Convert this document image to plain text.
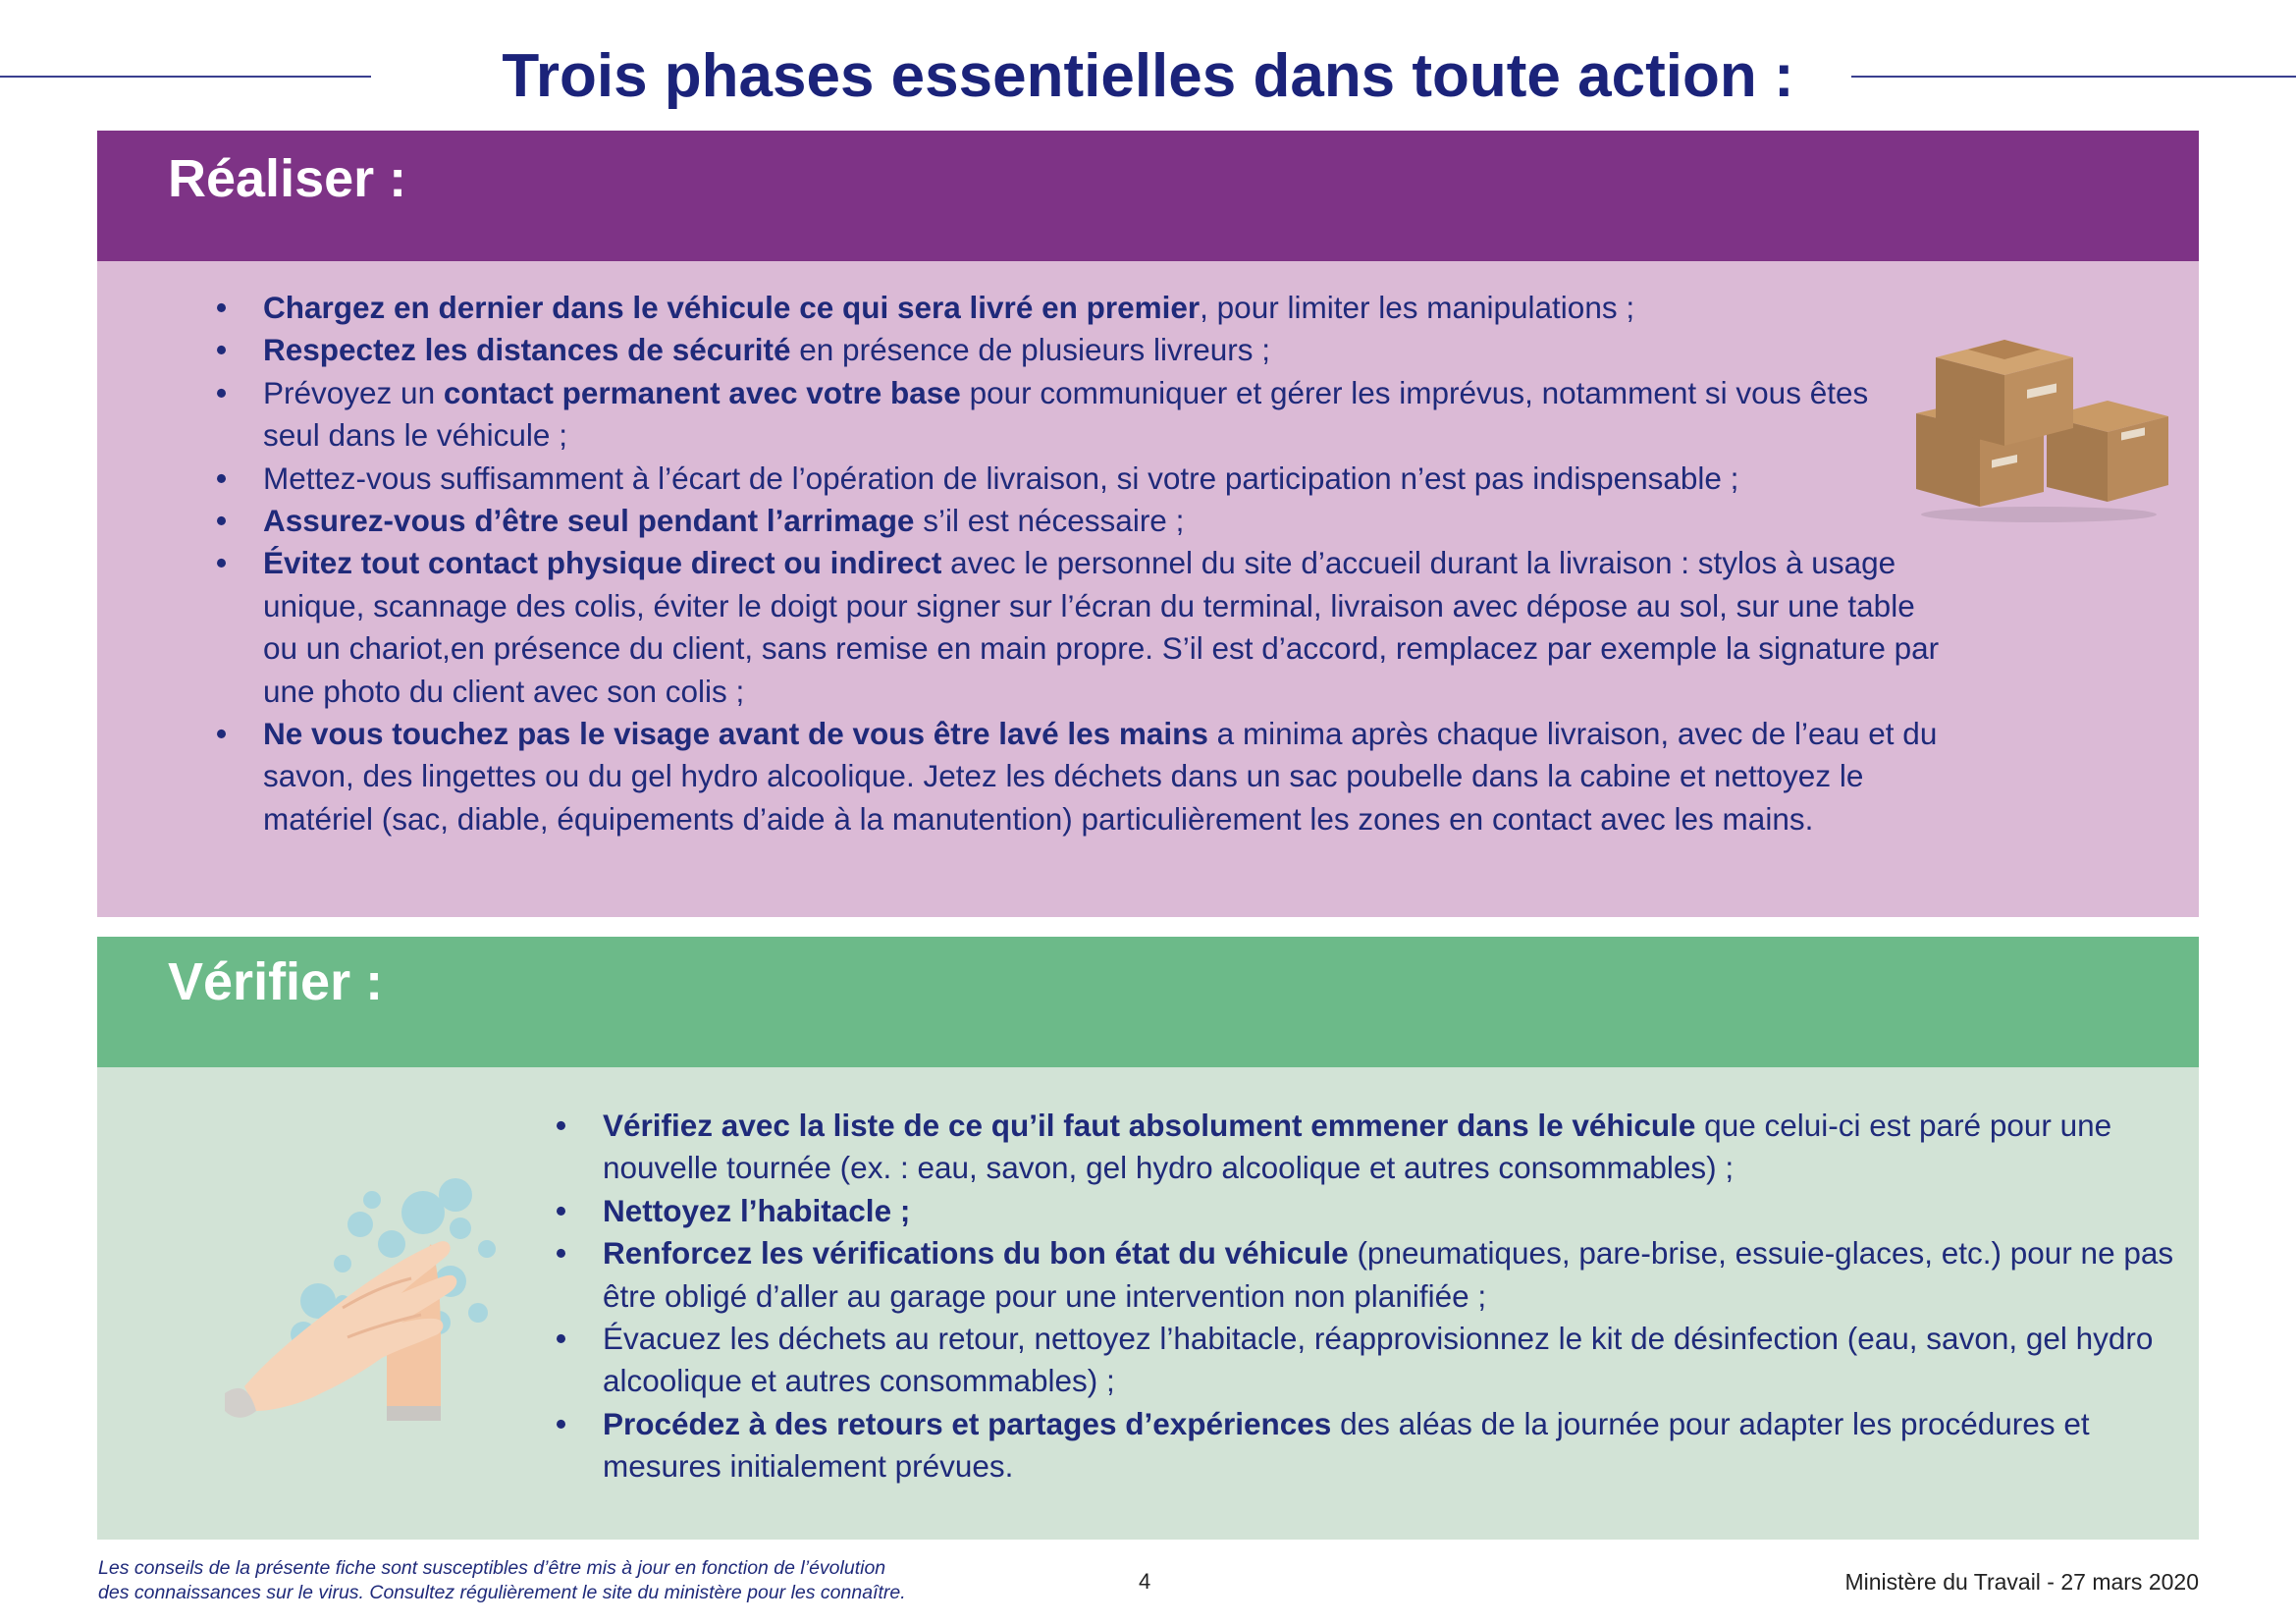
Trois phases essentielles dans toute action :
Réaliser :
• Chargez en dernier dans le véhicule ce qui sera livré en premier, pour limiter les manipulations ;
• Respectez les distances de sécurité en présence de plusieurs livreurs ;
• Prévoyez un contact permanent avec votre base pour communiquer et gérer les imprévus, notamment si vous êtes seul dans le véhicule ;
• Mettez-vous suffisamment à l’écart de l’opération de livraison, si votre participation n’est pas indispensable ;
• Assurez-vous d’être seul pendant l’arrimage s’il est nécessaire ;
• Évitez tout contact physique direct ou indirect avec le personnel du site d’accueil durant la livraison : stylos à usage unique, scannage des colis, éviter le doigt pour signer sur l’écran du terminal, livraison avec dépose au sol, sur une table ou un chariot,en présence du client, sans remise en main propre. S’il est d’accord, remplacez par exemple la signature par une photo du client avec son colis ;
• Ne vous touchez pas le visage avant de vous être lavé les mains a minima après chaque livraison, avec de l’eau et du savon, des lingettes ou du gel hydro alcoolique. Jetez les déchets dans un sac poubelle dans la cabine et nettoyez le matériel (sac, diable, équipements d’aide à la manutention) particulièrement les zones en contact avec les mains.
Vérifier :
• Vérifiez avec la liste de ce qu’il faut absolument emmener dans le véhicule que celui-ci est paré pour une nouvelle tournée (ex. : eau, savon, gel hydro alcoolique et autres consommables) ;
• Nettoyez l’habitacle ;
• Renforcez les vérifications du bon état du véhicule (pneumatiques, pare-brise, essuie-glaces, etc.) pour ne pas être obligé d’aller au garage pour une intervention non planifiée ;
• Évacuez les déchets au retour, nettoyez l’habitacle, réapprovisionnez le kit de désinfection (eau, savon, gel hydro alcoolique et autres consommables) ;
• Procédez à des retours et partages d’expériences des aléas de la journée pour adapter les procédures et mesures initialement prévues.
Les conseils de la présente fiche sont susceptibles d’être mis à jour en fonction de l’évolution
des connaissances sur le virus. Consultez régulièrement le site du ministère pour les connaître.	4	Ministère du Travail - 27 mars 2020
